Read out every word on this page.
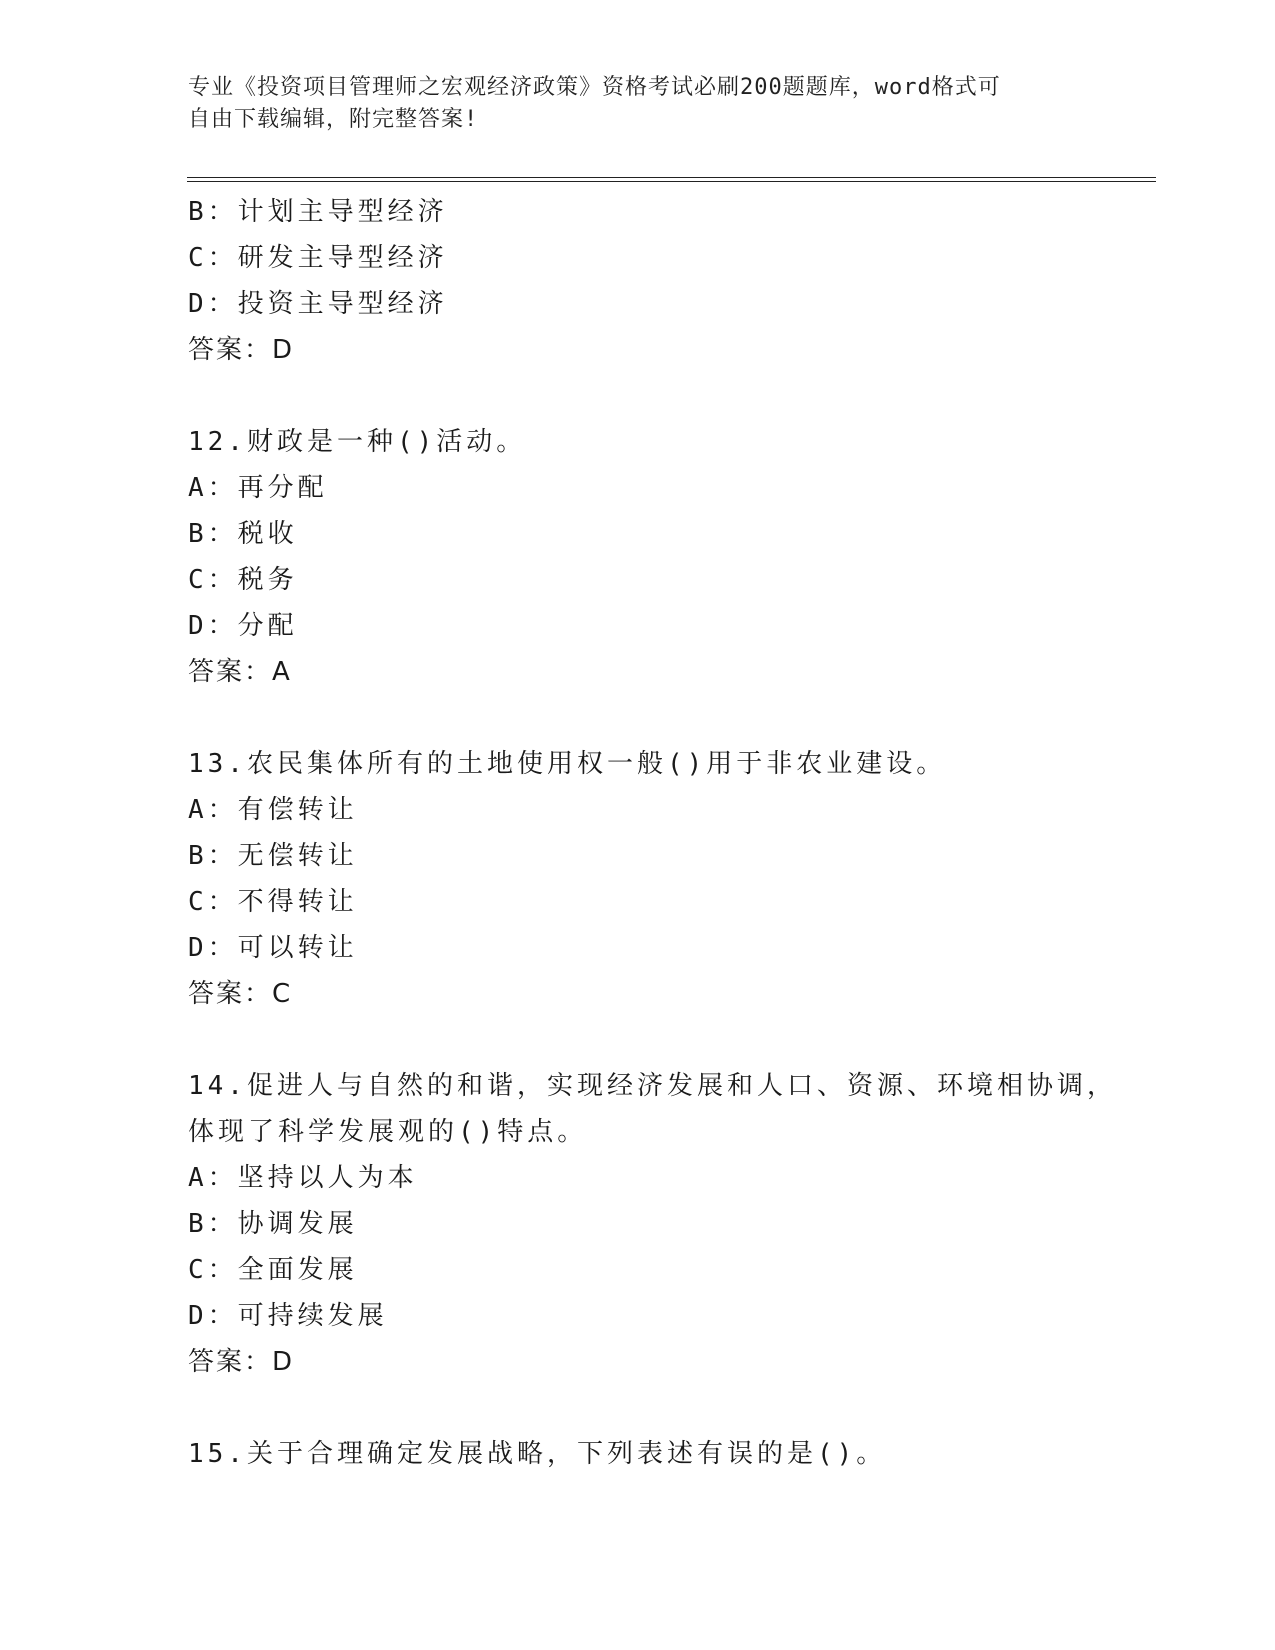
专业《投资项目管理师之宏观经济政策》资格考试必刷200题题库，word格式可
自由下载编辑，附完整答案!
B：计划主导型经济
C：研发主导型经济
D：投资主导型经济
答案：D
12.财政是一种()活动。
A：再分配
B：税收
C：税务
D：分配
答案：A
13.农民集体所有的土地使用权一般()用于非农业建设。
A：有偿转让
B：无偿转让
C：不得转让
D：可以转让
答案：C
14.促进人与自然的和谐，实现经济发展和人口、资源、环境相协调，
体现了科学发展观的()特点。
A：坚持以人为本
B：协调发展
C：全面发展
D：可持续发展
答案：D
15.关于合理确定发展战略，下列表述有误的是()。
